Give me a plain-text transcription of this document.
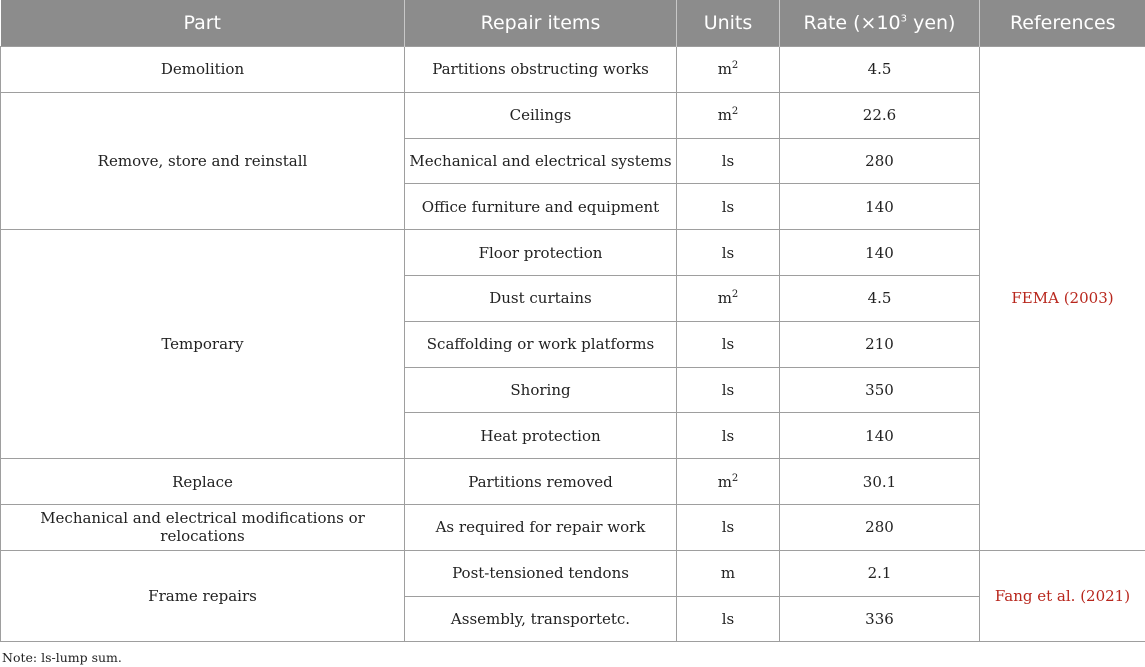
Part	Repair items	Units	Rate ($\times 10^3$ yen)	References
Demolition	Partitions obstructing works	$m^2$	4.5	FEMA (2003)
Remove, store and reinstall	Ceilings	$m^2$	22.6	
	Mechanical and electrical systems	ls	280	
	Office furniture and equipment	ls	140	
Temporary	Floor protection	ls	140	
	Dust curtains	$m^2$	4.5	
	Scaffolding or work platforms	ls	210	
	Shoring	ls	350	
	Heat protection	ls	140	
Replace	Partitions removed	$m^2$	30.1	
Mechanical and electrical modifications or relocations	As required for repair work	ls	280	
Frame repairs	Post-tensioned tendons	m	2.1	Fang et al. (2021)
	Assembly, transportetc.	ls	336	
Note: ls-lump sum.
